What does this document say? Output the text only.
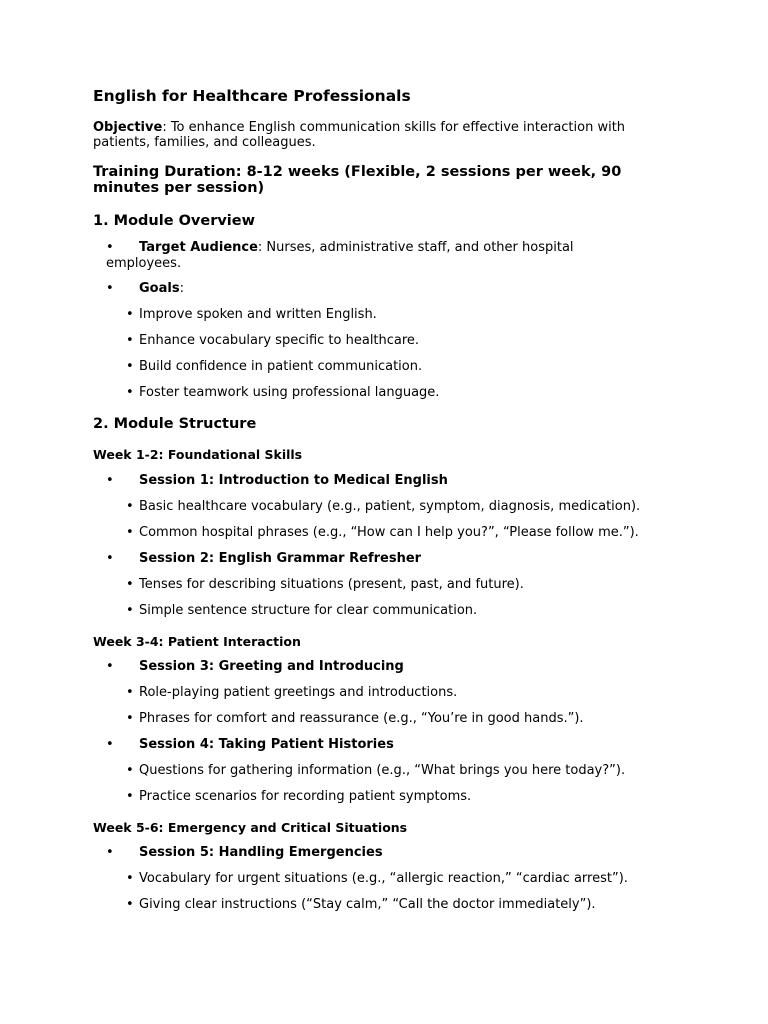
English for Healthcare Professionals
Objective: To enhance English communication skills for effective interaction with
patients, families, and colleagues.
Training Duration: 8-12 weeks (Flexible, 2 sessions per week, 90
minutes per session)
1. Module Overview
• Target Audience: Nurses, administrative staff, and other hospital
employees.
• Goals:
• Improve spoken and written English.
• Enhance vocabulary specific to healthcare.
• Build confidence in patient communication.
• Foster teamwork using professional language.
2. Module Structure
Week 1-2: Foundational Skills
• Session 1: Introduction to Medical English
• Basic healthcare vocabulary (e.g., patient, symptom, diagnosis, medication).
• Common hospital phrases (e.g., “How can I help you?”, “Please follow me.”).
• Session 2: English Grammar Refresher
• Tenses for describing situations (present, past, and future).
• Simple sentence structure for clear communication.
Week 3-4: Patient Interaction
• Session 3: Greeting and Introducing
• Role-playing patient greetings and introductions.
• Phrases for comfort and reassurance (e.g., “You’re in good hands.”).
• Session 4: Taking Patient Histories
• Questions for gathering information (e.g., “What brings you here today?”).
• Practice scenarios for recording patient symptoms.
Week 5-6: Emergency and Critical Situations
• Session 5: Handling Emergencies
• Vocabulary for urgent situations (e.g., “allergic reaction,” “cardiac arrest”).
• Giving clear instructions (“Stay calm,” “Call the doctor immediately”).
